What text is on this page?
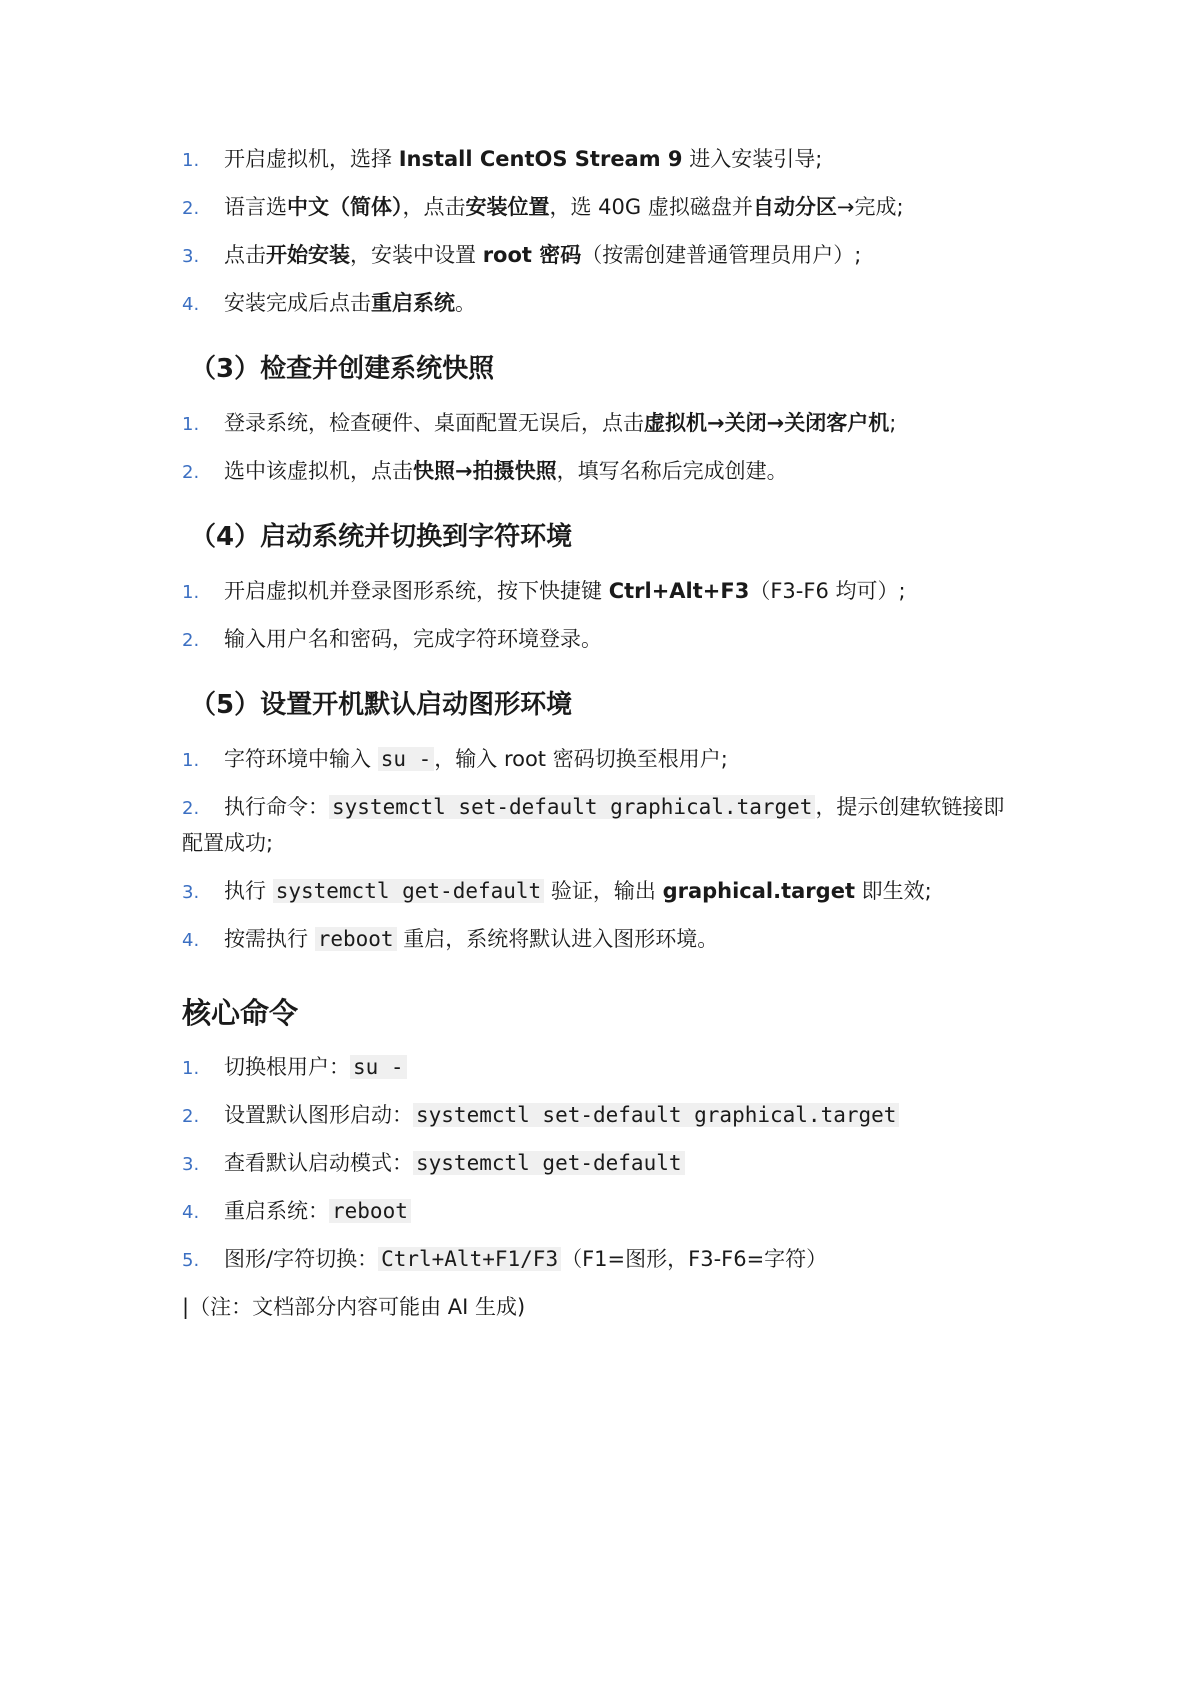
1. 开启虚拟机，选择 Install CentOS Stream 9 进入安装引导;
2. 语言选中文（简体），点击安装位置，选 40G 虚拟磁盘并自动分区→完成;
3. 点击开始安装，安装中设置 root 密码（按需创建普通管理员用户）;
4. 安装完成后点击重启系统。
（3）检查并创建系统快照
1. 登录系统，检查硬件、桌面配置无误后，点击虚拟机→关闭→关闭客户机;
2. 选中该虚拟机，点击快照→拍摄快照，填写名称后完成创建。
（4）启动系统并切换到字符环境
1. 开启虚拟机并登录图形系统，按下快捷键 Ctrl+Alt+F3（F3-F6 均可）;
2. 输入用户名和密码，完成字符环境登录。
（5）设置开机默认启动图形环境
1. 字符环境中输入 su - ，输入 root 密码切换至根用户;
2. 执行命令： systemctl set-default graphical.target ，提示创建软链接即
配置成功;
3. 执行 systemctl get-default 验证，输出 graphical.target 即生效;
4. 按需执行 reboot 重启，系统将默认进入图形环境。
核心命令
1. 切换根用户： su -
2. 设置默认图形启动： systemctl set-default graphical.target
3. 查看默认启动模式： systemctl get-default
4. 重启系统： reboot
5. 图形/字符切换： Ctrl+Alt+F1/F3 （F1=图形，F3-F6=字符）
|（注：文档部分内容可能由 AI 生成)
